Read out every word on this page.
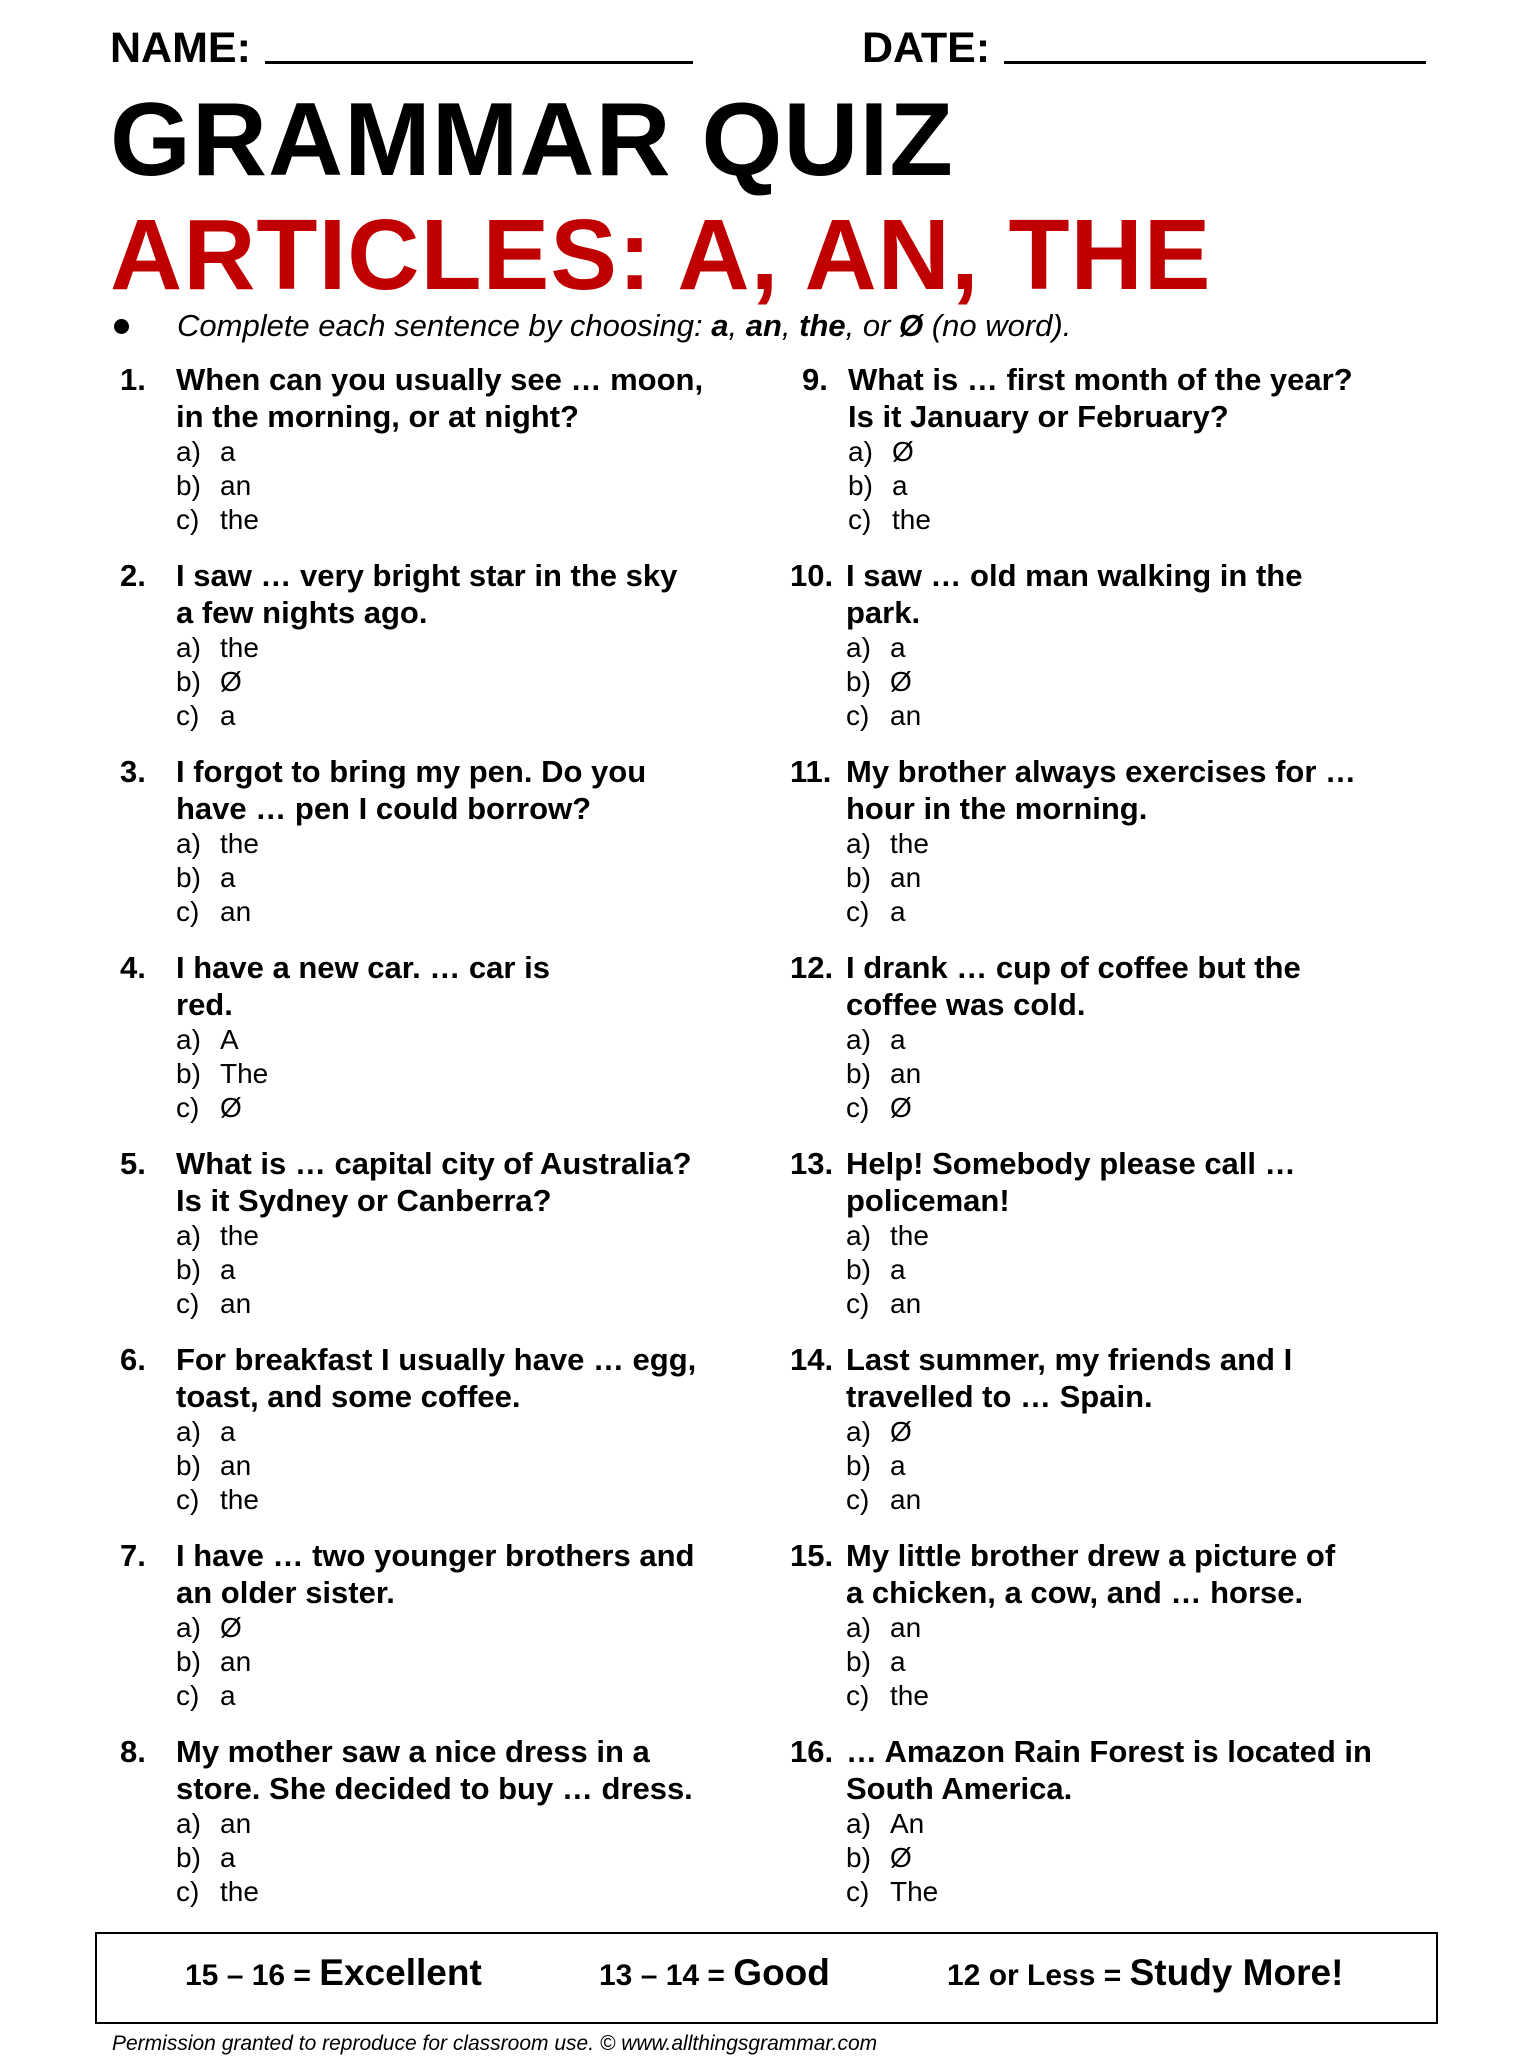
NAME:	DATE:
GRAMMAR QUIZ
ARTICLES: A, AN, THE
Complete each sentence by choosing: a, an, the, or Ø (no word).
1. When can you usually see … moon,
in the morning, or at night?
a) a
b) an
c) the
2. I saw … very bright star in the sky
a few nights ago.
a) the
b) Ø
c) a
3. I forgot to bring my pen. Do you
have … pen I could borrow?
a) the
b) a
c) an
4. I have a new car. … car is
red.
a) A
b) The
c) Ø
5. What is … capital city of Australia?
Is it Sydney or Canberra?
a) the
b) a
c) an
6. For breakfast I usually have … egg,
toast, and some coffee.
a) a
b) an
c) the
7. I have … two younger brothers and
an older sister.
a) Ø
b) an
c) a
8. My mother saw a nice dress in a
store. She decided to buy … dress.
a) an
b) a
c) the
9. What is … first month of the year?
Is it January or February?
a) Ø
b) a
c) the
10. I saw … old man walking in the
park.
a) a
b) Ø
c) an
11. My brother always exercises for …
hour in the morning.
a) the
b) an
c) a
12. I drank … cup of coffee but the
coffee was cold.
a) a
b) an
c) Ø
13. Help! Somebody please call …
policeman!
a) the
b) a
c) an
14. Last summer, my friends and I
travelled to … Spain.
a) Ø
b) a
c) an
15. My little brother drew a picture of
a chicken, a cow, and … horse.
a) an
b) a
c) the
16. … Amazon Rain Forest is located in
South America.
a) An
b) Ø
c) The
15 – 16 = Excellent	13 – 14 = Good	12 or Less = Study More!
Permission granted to reproduce for classroom use. © www.allthingsgrammar.com
